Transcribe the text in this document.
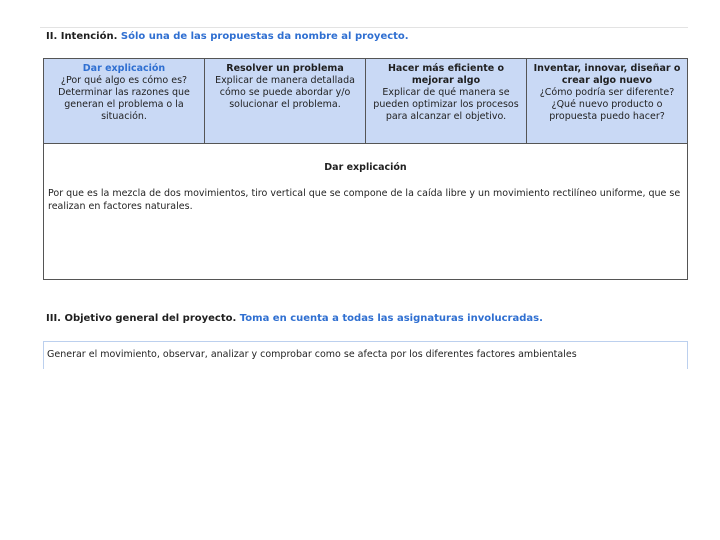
II. Intención. Sólo una de las propuestas da nombre al proyecto.
Dar explicación
¿Por qué algo es cómo es? Determinar las razones que generan el problema o la situación.
Resolver un problema
Explicar de manera detallada cómo se puede abordar y/o solucionar el problema.
Hacer más eficiente o mejorar algo
Explicar de qué manera se pueden optimizar los procesos para alcanzar el objetivo.
Inventar, innovar, diseñar o crear algo nuevo
¿Cómo podría ser diferente? ¿Qué nuevo producto o propuesta puedo hacer?
Dar explicación
Por que es la mezcla de dos movimientos, tiro vertical que se compone de la caída libre y un movimiento rectilíneo uniforme, que se realizan en factores naturales.
III. Objetivo general del proyecto. Toma en cuenta a todas las asignaturas involucradas.
Generar el movimiento, observar, analizar y comprobar como se afecta por los diferentes factores ambientales
